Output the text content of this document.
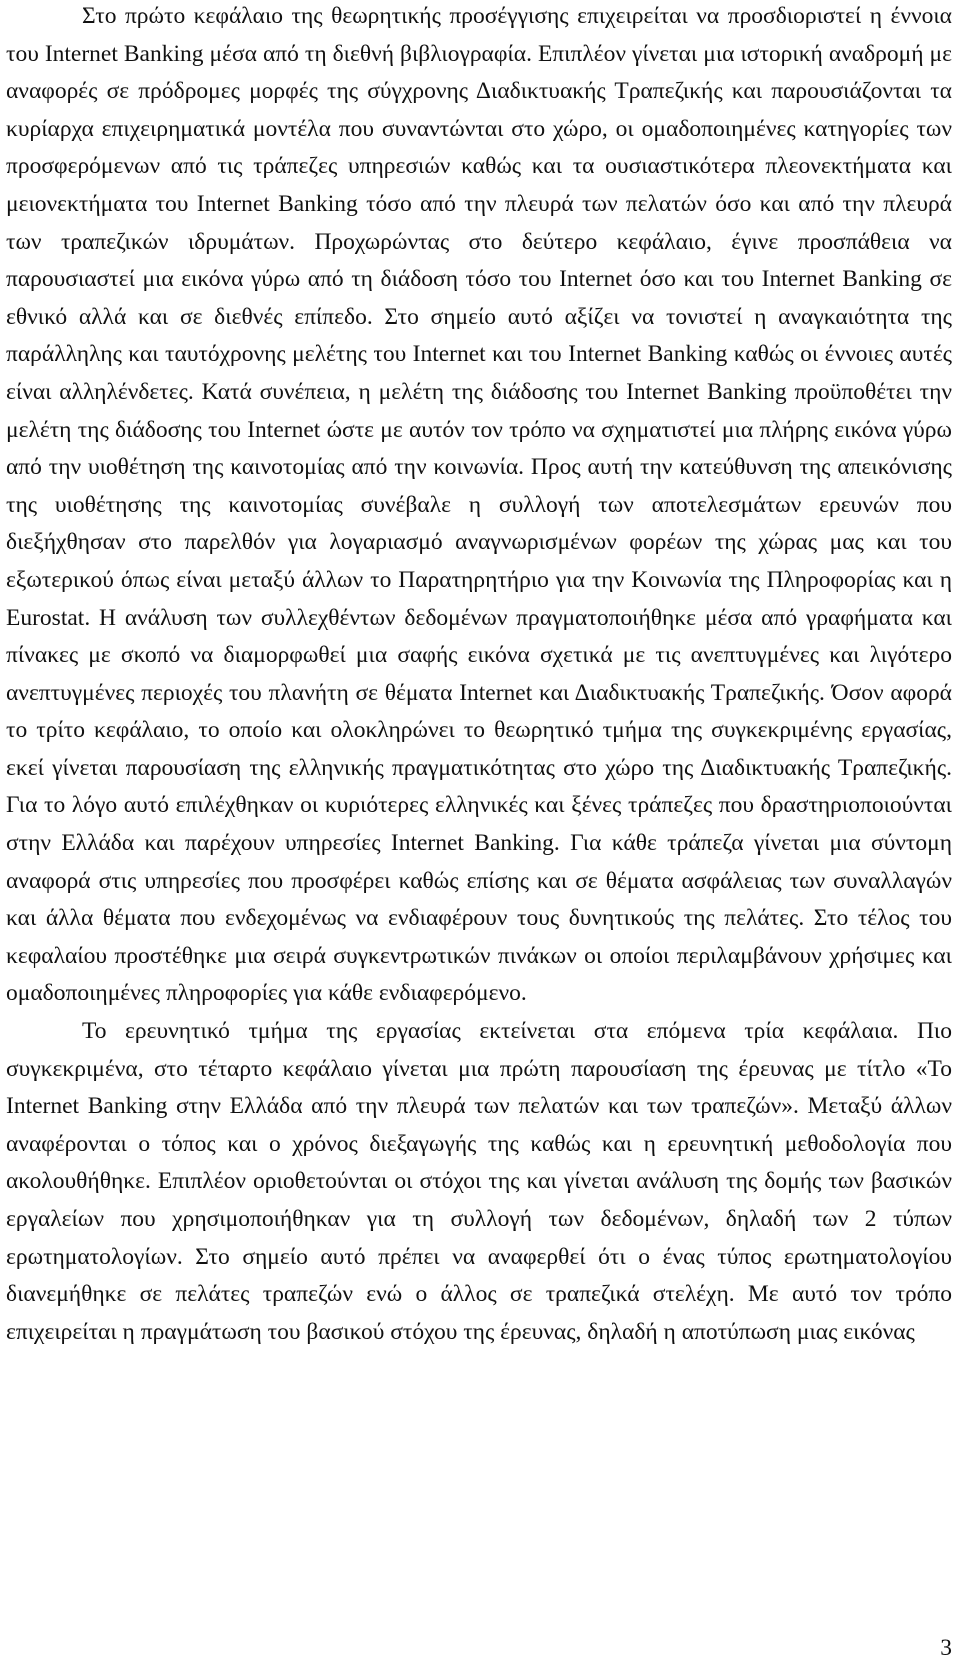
Στο πρώτο κεφάλαιο της θεωρητικής προσέγγισης επιχειρείται να προσδιοριστεί η έννοια του Internet Banking μέσα από τη διεθνή βιβλιογραφία. Επιπλέον γίνεται μια ιστορική αναδρομή με αναφορές σε πρόδρομες μορφές της σύγχρονης Διαδικτυακής Τραπεζικής και παρουσιάζονται τα κυρίαρχα επιχειρηματικά μοντέλα που συναντώνται στο χώρο, οι ομαδοποιημένες κατηγορίες των προσφερόμενων από τις τράπεζες υπηρεσιών καθώς και τα ουσιαστικότερα πλεονεκτήματα και μειονεκτήματα του Internet Banking τόσο από την πλευρά των πελατών όσο και από την πλευρά των τραπεζικών ιδρυμάτων. Προχωρώντας στο δεύτερο κεφάλαιο, έγινε προσπάθεια να παρουσιαστεί μια εικόνα γύρω από τη διάδοση τόσο του Internet όσο και του Internet Banking σε εθνικό αλλά και σε διεθνές επίπεδο. Στο σημείο αυτό αξίζει να τονιστεί η αναγκαιότητα της παράλληλης και ταυτόχρονης μελέτης του Internet και του Internet Banking καθώς οι έννοιες αυτές είναι αλληλένδετες. Κατά συνέπεια, η μελέτη της διάδοσης του Internet Banking προϋποθέτει την μελέτη της διάδοσης του Internet ώστε με αυτόν τον τρόπο να σχηματιστεί μια πλήρης εικόνα γύρω από την υιοθέτηση της καινοτομίας από την κοινωνία. Προς αυτή την κατεύθυνση της απεικόνισης της υιοθέτησης της καινοτομίας συνέβαλε η συλλογή των αποτελεσμάτων ερευνών που διεξήχθησαν στο παρελθόν για λογαριασμό αναγνωρισμένων φορέων της χώρας μας και του εξωτερικού όπως είναι μεταξύ άλλων το Παρατηρητήριο για την Κοινωνία της Πληροφορίας και η Eurostat. Η ανάλυση των συλλεχθέντων δεδομένων πραγματοποιήθηκε μέσα από γραφήματα και πίνακες με σκοπό να διαμορφωθεί μια σαφής εικόνα σχετικά με τις ανεπτυγμένες και λιγότερο ανεπτυγμένες περιοχές του πλανήτη σε θέματα Internet και Διαδικτυακής Τραπεζικής. Όσον αφορά το τρίτο κεφάλαιο, το οποίο και ολοκληρώνει το θεωρητικό τμήμα της συγκεκριμένης εργασίας, εκεί γίνεται παρουσίαση της ελληνικής πραγματικότητας στο χώρο της Διαδικτυακής Τραπεζικής. Για το λόγο αυτό επιλέχθηκαν οι κυριότερες ελληνικές και ξένες τράπεζες που δραστηριοποιούνται στην Ελλάδα και παρέχουν υπηρεσίες Internet Banking. Για κάθε τράπεζα γίνεται μια σύντομη αναφορά στις υπηρεσίες που προσφέρει καθώς επίσης και σε θέματα ασφάλειας των συναλλαγών και άλλα θέματα που ενδεχομένως να ενδιαφέρουν τους δυνητικούς της πελάτες. Στο τέλος του κεφαλαίου προστέθηκε μια σειρά συγκεντρωτικών πινάκων οι οποίοι περιλαμβάνουν χρήσιμες και ομαδοποιημένες πληροφορίες για κάθε ενδιαφερόμενο.

Το ερευνητικό τμήμα της εργασίας εκτείνεται στα επόμενα τρία κεφάλαια. Πιο συγκεκριμένα, στο τέταρτο κεφάλαιο γίνεται μια πρώτη παρουσίαση της έρευνας με τίτλο «Το Internet Banking στην Ελλάδα από την πλευρά των πελατών και των τραπεζών». Μεταξύ άλλων αναφέρονται ο τόπος και ο χρόνος διεξαγωγής της καθώς και η ερευνητική μεθοδολογία που ακολουθήθηκε. Επιπλέον οριοθετούνται οι στόχοι της και γίνεται ανάλυση της δομής των βασικών εργαλείων που χρησιμοποιήθηκαν για τη συλλογή των δεδομένων, δηλαδή των 2 τύπων ερωτηματολογίων. Στο σημείο αυτό πρέπει να αναφερθεί ότι ο ένας τύπος ερωτηματολογίου διανεμήθηκε σε πελάτες τραπεζών ενώ ο άλλος σε τραπεζικά στελέχη. Με αυτό τον τρόπο επιχειρείται η πραγμάτωση του βασικού στόχου της έρευνας, δηλαδή η αποτύπωση μιας εικόνας

3
